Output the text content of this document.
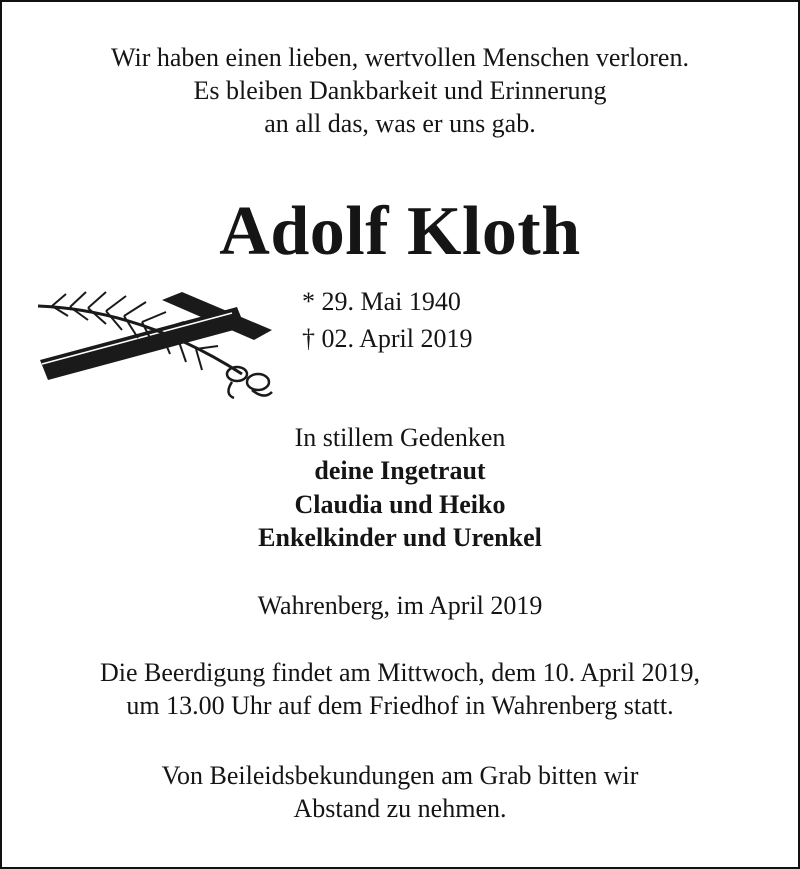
Wir haben einen lieben, wertvollen Menschen verloren.
Es bleiben Dankbarkeit und Erinnerung
an all das, was er uns gab.
Adolf Kloth
* 29. Mai 1940
† 02. April 2019
In stillem Gedenken
deine Ingetraut
Claudia und Heiko
Enkelkinder und Urenkel
Wahrenberg, im April 2019
Die Beerdigung findet am Mittwoch, dem 10. April 2019,
um 13.00 Uhr auf dem Friedhof in Wahrenberg statt.
Von Beileidsbekundungen am Grab bitten wir
Abstand zu nehmen.
